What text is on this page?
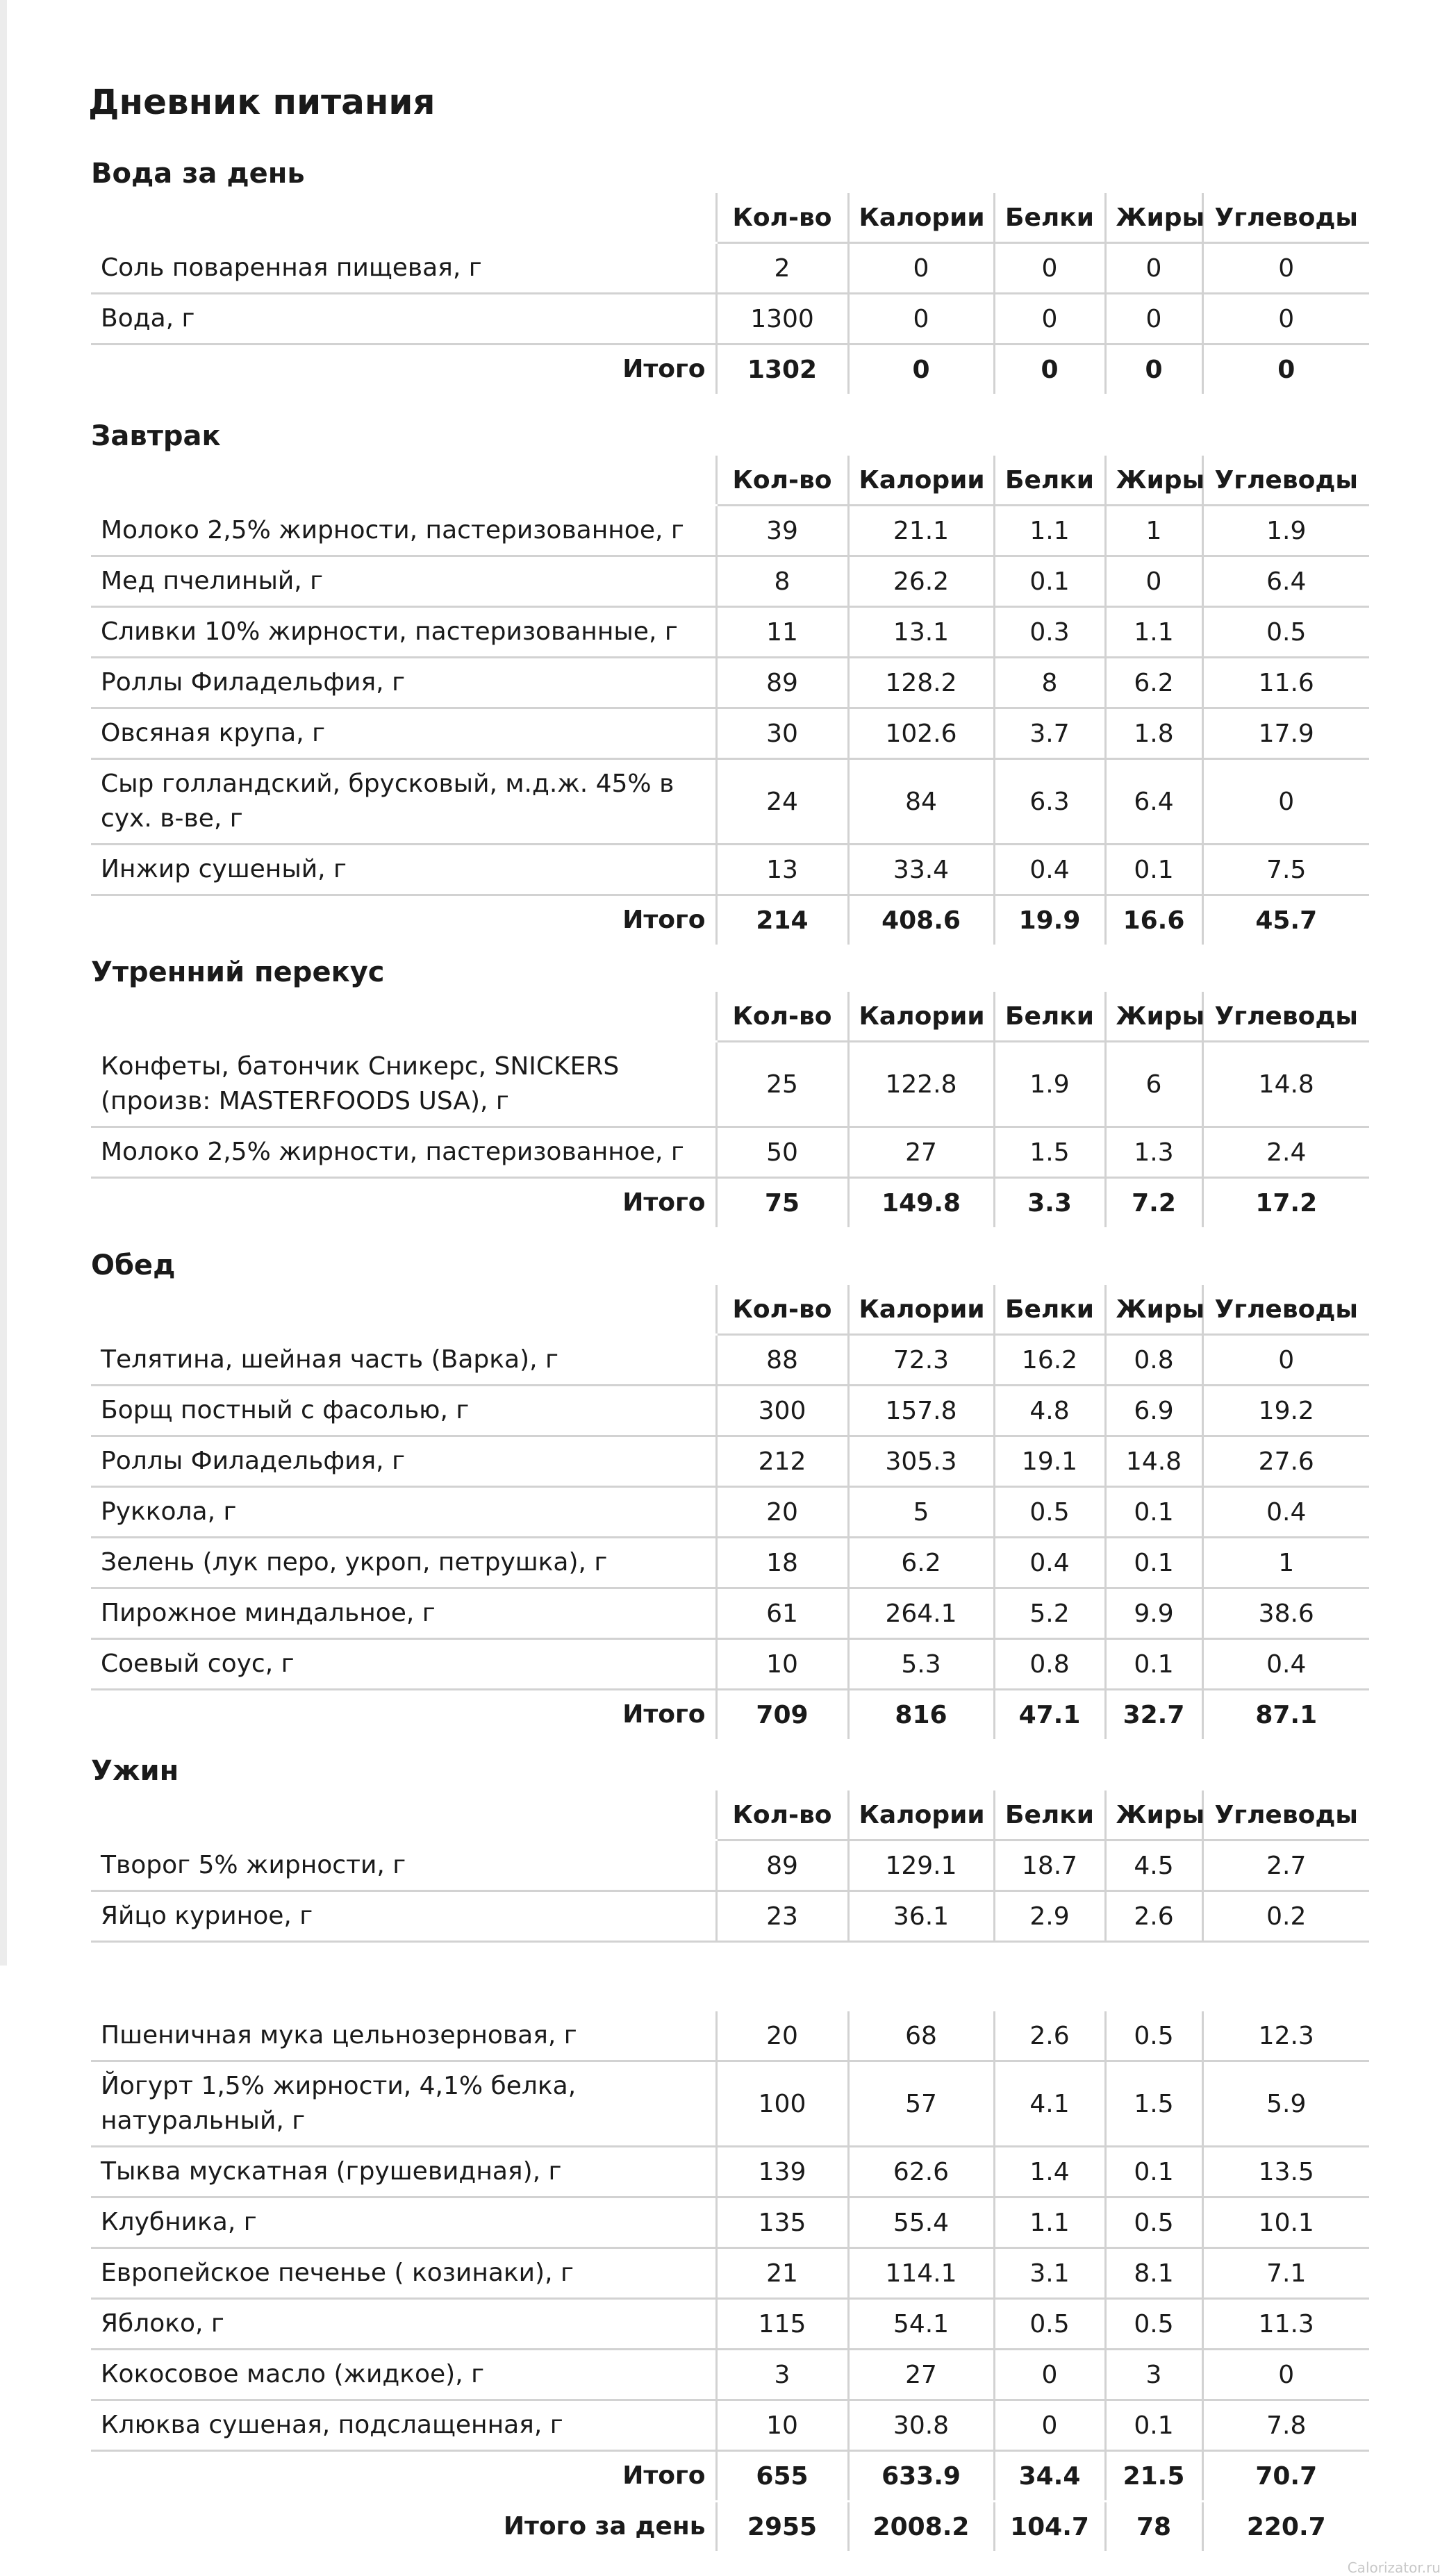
Дневник питания
Вода за день
	Кол-во	Калории	Белки	Жиры	Углеводы
Соль поваренная пищевая, г	2	0	0	0	0
Вода, г	1300	0	0	0	0
Итого	1302	0	0	0	0
Завтрак
	Кол-во	Калории	Белки	Жиры	Углеводы
Молоко 2,5% жирности, пастеризованное, г	39	21.1	1.1	1	1.9
Мед пчелиный, г	8	26.2	0.1	0	6.4
Сливки 10% жирности, пастеризованные, г	11	13.1	0.3	1.1	0.5
Роллы Филадельфия, г	89	128.2	8	6.2	11.6
Овсяная крупа, г	30	102.6	3.7	1.8	17.9
Сыр голландский, брусковый, м.д.ж. 45% в сух. в-ве, г	24	84	6.3	6.4	0
Инжир сушеный, г	13	33.4	0.4	0.1	7.5
Итого	214	408.6	19.9	16.6	45.7
Утренний перекус
	Кол-во	Калории	Белки	Жиры	Углеводы
Конфеты, батончик Сникерс, SNICKERS (произв: MASTERFOODS USA), г	25	122.8	1.9	6	14.8
Молоко 2,5% жирности, пастеризованное, г	50	27	1.5	1.3	2.4
Итого	75	149.8	3.3	7.2	17.2
Обед
	Кол-во	Калории	Белки	Жиры	Углеводы
Телятина, шейная часть (Варка), г	88	72.3	16.2	0.8	0
Борщ постный с фасолью, г	300	157.8	4.8	6.9	19.2
Роллы Филадельфия, г	212	305.3	19.1	14.8	27.6
Руккола, г	20	5	0.5	0.1	0.4
Зелень (лук перо, укроп, петрушка), г	18	6.2	0.4	0.1	1
Пирожное миндальное, г	61	264.1	5.2	9.9	38.6
Соевый соус, г	10	5.3	0.8	0.1	0.4
Итого	709	816	47.1	32.7	87.1
Ужин
	Кол-во	Калории	Белки	Жиры	Углеводы
Творог 5% жирности, г	89	129.1	18.7	4.5	2.7
Яйцо куриное, г	23	36.1	2.9	2.6	0.2
Пшеничная мука цельнозерновая, г	20	68	2.6	0.5	12.3
Йогурт 1,5% жирности, 4,1% белка, натуральный, г	100	57	4.1	1.5	5.9
Тыква мускатная (грушевидная), г	139	62.6	1.4	0.1	13.5
Клубника, г	135	55.4	1.1	0.5	10.1
Европейское печенье ( козинаки), г	21	114.1	3.1	8.1	7.1
Яблоко, г	115	54.1	0.5	0.5	11.3
Кокосовое масло (жидкое), г	3	27	0	3	0
Клюква сушеная, подслащенная, г	10	30.8	0	0.1	7.8
Итого	655	633.9	34.4	21.5	70.7
Итого за день	2955	2008.2	104.7	78	220.7
Calorizator.ru
